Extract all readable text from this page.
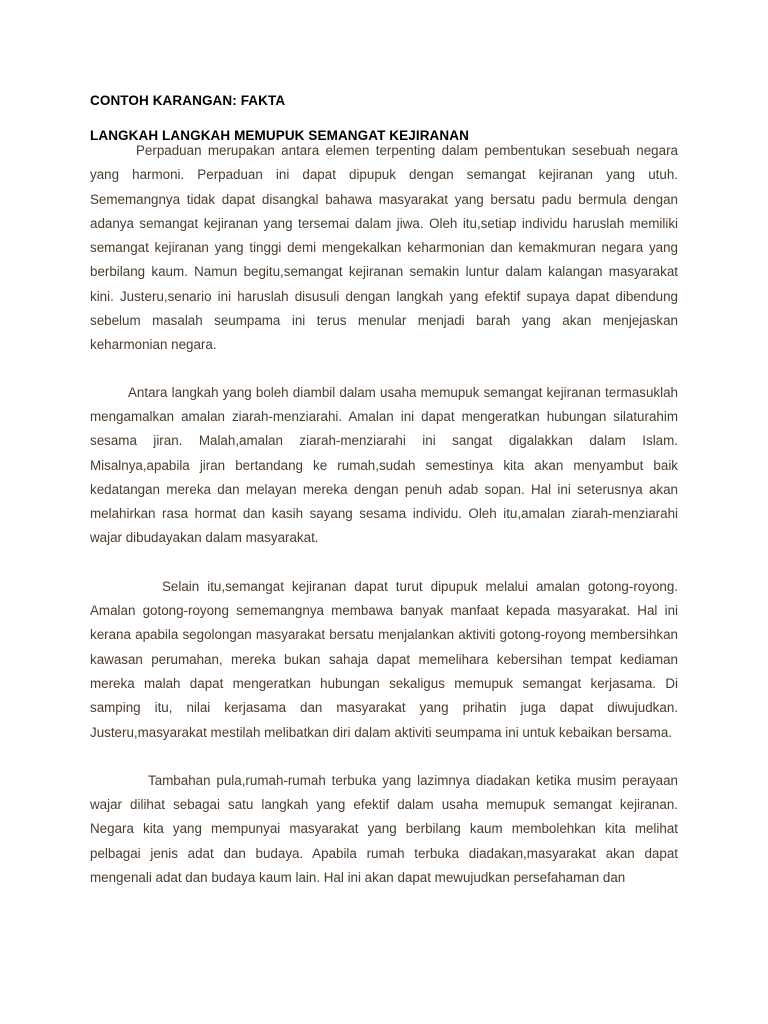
CONTOH KARANGAN: FAKTA

LANGKAH LANGKAH MEMUPUK SEMANGAT KEJIRANAN

Perpaduan merupakan antara elemen terpenting dalam pembentukan sesebuah negara yang harmoni. Perpaduan ini dapat dipupuk dengan semangat kejiranan yang utuh. Sememangnya tidak dapat disangkal bahawa masyarakat yang bersatu padu bermula dengan adanya semangat kejiranan yang tersemai dalam jiwa. Oleh itu,setiap individu haruslah memiliki semangat kejiranan yang tinggi demi mengekalkan keharmonian dan kemakmuran negara yang berbilang kaum. Namun begitu,semangat kejiranan semakin luntur dalam kalangan masyarakat kini. Justeru,senario ini haruslah disusuli dengan langkah yang efektif supaya dapat dibendung sebelum masalah seumpama ini terus menular menjadi barah yang akan menjejaskan keharmonian negara.

Antara langkah yang boleh diambil dalam usaha memupuk semangat kejiranan termasuklah mengamalkan amalan ziarah-menziarahi. Amalan ini dapat mengeratkan hubungan silaturahim sesama jiran. Malah,amalan ziarah-menziarahi ini sangat digalakkan dalam Islam. Misalnya,apabila jiran bertandang ke rumah,sudah semestinya kita akan menyambut baik kedatangan mereka dan melayan mereka dengan penuh adab sopan. Hal ini seterusnya akan melahirkan rasa hormat dan kasih sayang sesama individu. Oleh itu,amalan ziarah-menziarahi wajar dibudayakan dalam masyarakat.

Selain itu,semangat kejiranan dapat turut dipupuk melalui amalan gotong-royong. Amalan gotong-royong sememangnya membawa banyak manfaat kepada masyarakat. Hal ini kerana apabila segolongan masyarakat bersatu menjalankan aktiviti gotong-royong membersihkan kawasan perumahan, mereka bukan sahaja dapat memelihara kebersihan tempat kediaman mereka malah dapat mengeratkan hubungan sekaligus memupuk semangat kerjasama. Di samping itu, nilai kerjasama dan masyarakat yang prihatin juga dapat diwujudkan. Justeru,masyarakat mestilah melibatkan diri dalam aktiviti seumpama ini untuk kebaikan bersama.

Tambahan pula,rumah-rumah terbuka yang lazimnya diadakan ketika musim perayaan wajar dilihat sebagai satu langkah yang efektif dalam usaha memupuk semangat kejiranan. Negara kita yang mempunyai masyarakat yang berbilang kaum membolehkan kita melihat pelbagai jenis adat dan budaya. Apabila rumah terbuka diadakan,masyarakat akan dapat mengenali adat dan budaya kaum lain. Hal ini akan dapat mewujudkan persefahaman dan
